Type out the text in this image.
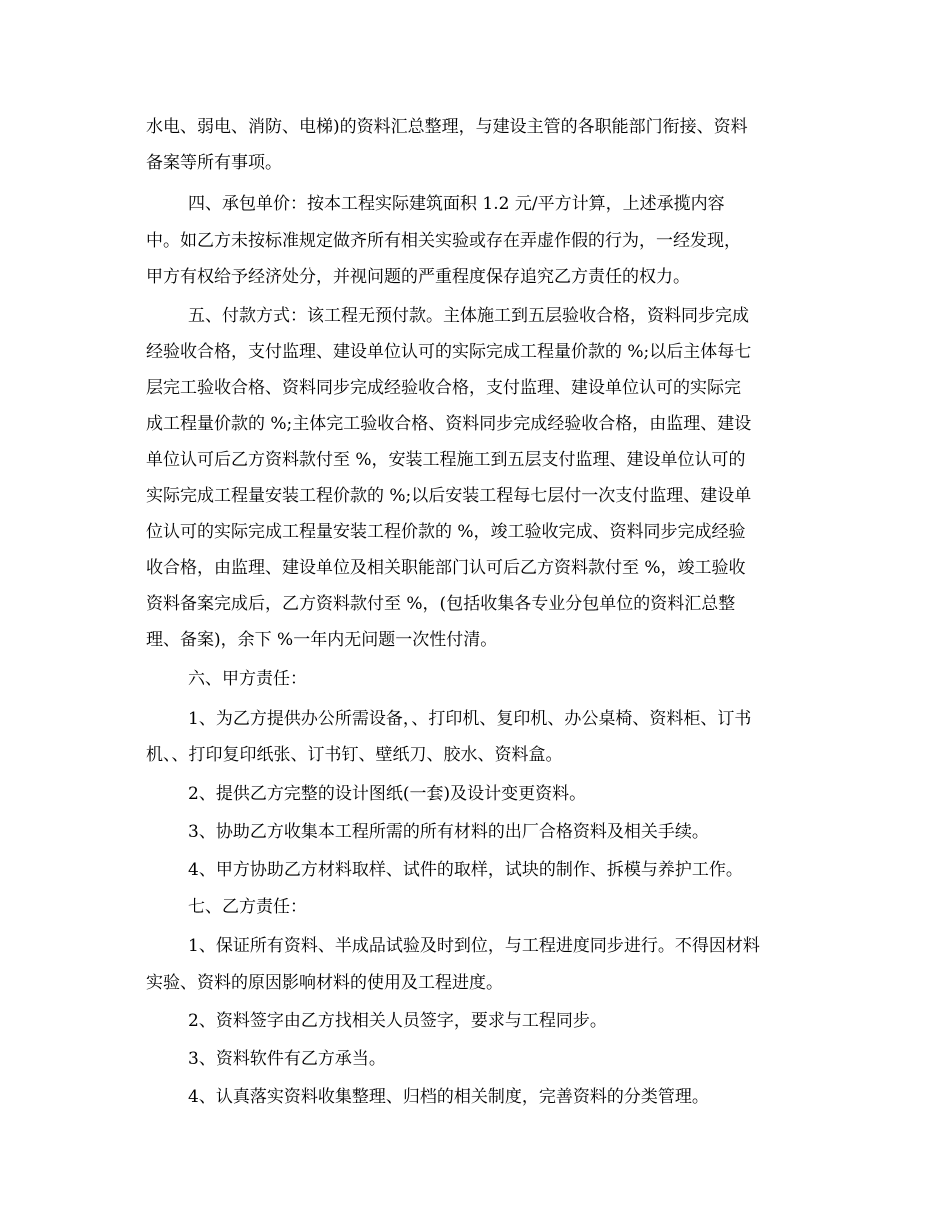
水电、弱电、消防、电梯)的资料汇总整理，与建设主管的各职能部门衔接、资料
备案等所有事项。
四、承包单价：按本工程实际建筑面积 1.2 元/平方计算，上述承揽内容
中。如乙方未按标准规定做齐所有相关实验或存在弄虚作假的行为，一经发现，
甲方有权给予经济处分，并视问题的严重程度保存追究乙方责任的权力。
五、付款方式：该工程无预付款。主体施工到五层验收合格，资料同步完成
经验收合格，支付监理、建设单位认可的实际完成工程量价款的 %;以后主体每七
层完工验收合格、资料同步完成经验收合格，支付监理、建设单位认可的实际完
成工程量价款的 %;主体完工验收合格、资料同步完成经验收合格，由监理、建设
单位认可后乙方资料款付至 %，安装工程施工到五层支付监理、建设单位认可的
实际完成工程量安装工程价款的 %;以后安装工程每七层付一次支付监理、建设单
位认可的实际完成工程量安装工程价款的 %，竣工验收完成、资料同步完成经验
收合格，由监理、建设单位及相关职能部门认可后乙方资料款付至 %，竣工验收
资料备案完成后，乙方资料款付至 %，(包括收集各专业分包单位的资料汇总整
理、备案)，余下 %一年内无问题一次性付清。
六、甲方责任：
1、为乙方提供办公所需设备，、打印机、复印机、办公桌椅、资料柜、订书
机、、打印复印纸张、订书钉、壁纸刀、胶水、资料盒。
2、提供乙方完整的设计图纸(一套)及设计变更资料。
3、协助乙方收集本工程所需的所有材料的出厂合格资料及相关手续。
4、甲方协助乙方材料取样、试件的取样，试块的制作、拆模与养护工作。
七、乙方责任：
1、保证所有资料、半成品试验及时到位，与工程进度同步进行。不得因材料
实验、资料的原因影响材料的使用及工程进度。
2、资料签字由乙方找相关人员签字，要求与工程同步。
3、资料软件有乙方承当。
4、认真落实资料收集整理、归档的相关制度，完善资料的分类管理。
